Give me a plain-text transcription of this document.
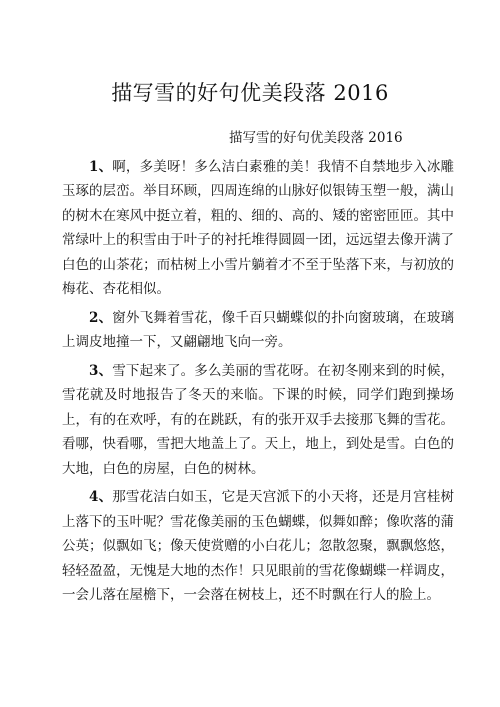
描写雪的好句优美段落 2016
描写雪的好句优美段落 2016

1、啊，多美呀！多么洁白素雅的美！我情不自禁地步入冰雕玉琢的层峦。举目环顾，四周连绵的山脉好似银铸玉塑一般，满山的树木在寒风中挺立着，粗的、细的、高的、矮的密密匝匝。其中常绿叶上的积雪由于叶子的衬托堆得圆圆一团，远远望去像开满了白色的山茶花；而枯树上小雪片躺着才不至于坠落下来，与初放的梅花、杏花相似。

2、窗外飞舞着雪花，像千百只蝴蝶似的扑向窗玻璃，在玻璃上调皮地撞一下，又翩翩地飞向一旁。

3、雪下起来了。多么美丽的雪花呀。在初冬刚来到的时候，雪花就及时地报告了冬天的来临。下课的时候，同学们跑到操场上，有的在欢呼，有的在跳跃，有的张开双手去接那飞舞的雪花。看哪，快看哪，雪把大地盖上了。天上，地上，到处是雪。白色的大地，白色的房屋，白色的树林。

4、那雪花洁白如玉，它是天宫派下的小天将，还是月宫桂树上落下的玉叶呢？雪花像美丽的玉色蝴蝶，似舞如醉；像吹落的蒲公英；似飘如飞；像天使赏赠的小白花儿；忽散忽聚，飘飘悠悠，轻轻盈盈，无愧是大地的杰作！只见眼前的雪花像蝴蝶一样调皮，一会儿落在屋檐下，一会落在树枝上，还不时飘在行人的脸上。
